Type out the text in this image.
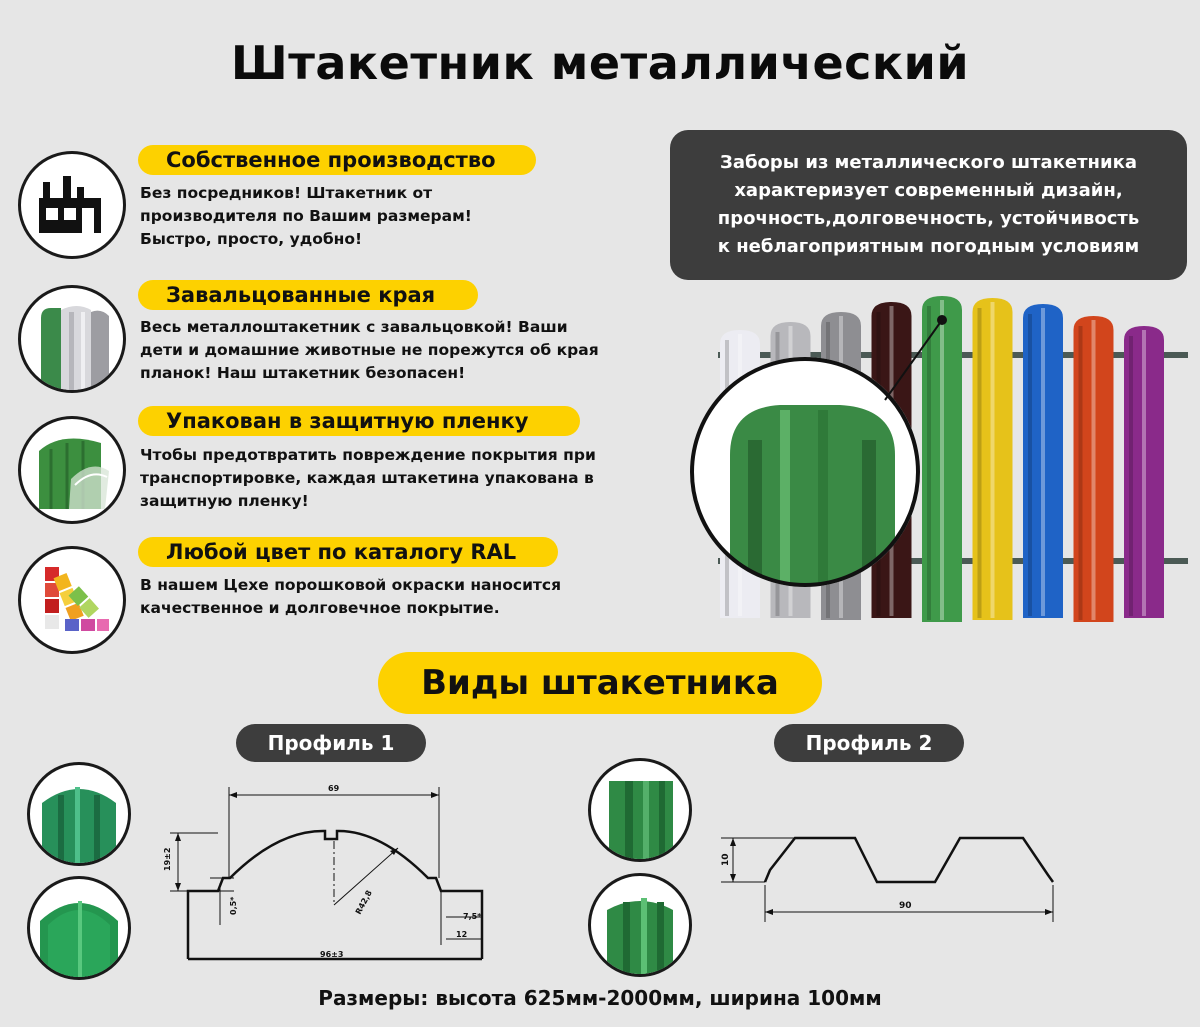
Штакетник металлический
Собственное производство
Без посредников! Штакетник от
производителя по Вашим размерам!
Быстро, просто, удобно!
Завальцованные края
Весь металлоштакетник с завальцовкой! Ваши
дети и домашние животные не порежутся об края
планок! Наш штакетник безопасен!
Упакован в защитную пленку
Чтобы предотвратить повреждение покрытия при
транспортировке, каждая штакетина упакована в
защитную пленку!
Любой цвет по каталогу RAL
В нашем Цехе порошковой окраски наносится
качественное и долговечное покрытие.
Заборы из металлического штакетника
характеризует современный дизайн,
прочность,долговечность, устойчивость
к неблагоприятным погодным условиям
Виды штакетника
Профиль 1
69
19±2
0,5*	R42,8
96±3
7,5*
12
Профиль 2
10
90
Размеры: высота 625мм-2000мм, ширина 100мм
